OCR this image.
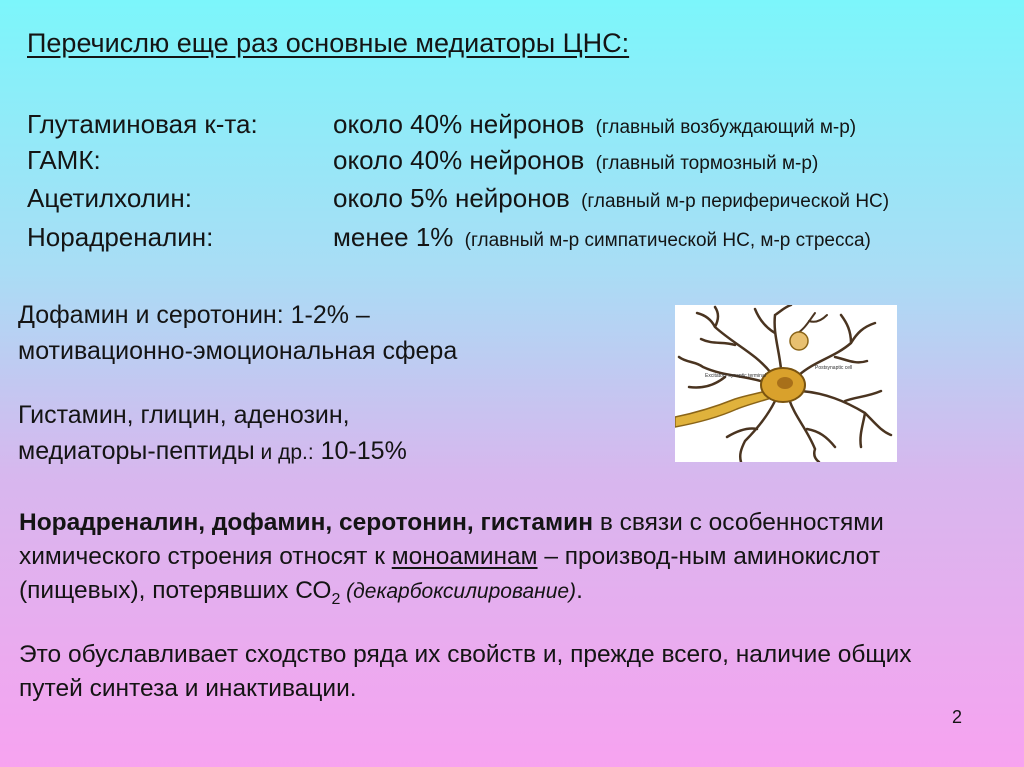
Перечислю еще раз основные медиаторы ЦНС:
Глутаминовая к-та:	около 40% нейронов (главный возбуждающий м-р)
ГАМК:	около 40% нейронов (главный тормозный м-р)
Ацетилхолин:	около 5% нейронов (главный м-р периферической НС)
Норадреналин:	менее 1% (главный м-р симпатической НС, м-р стресса)
Дофамин и серотонин: 1-2% –
мотивационно-эмоциональная сфера
Гистамин, глицин, аденозин,
медиаторы-пептиды и др.: 10-15%
Excitatory synaptic terminal
Postsynaptic cell
Норадреналин, дофамин, серотонин, гистамин в связи с особенностями химического строения относят к моноаминам – производ-ным аминокислот (пищевых), потерявших $СО_2$ (декарбоксилирование).
Это обуславливает сходство ряда их свойств и, прежде всего, наличие общих путей синтеза и инактивации.
2
